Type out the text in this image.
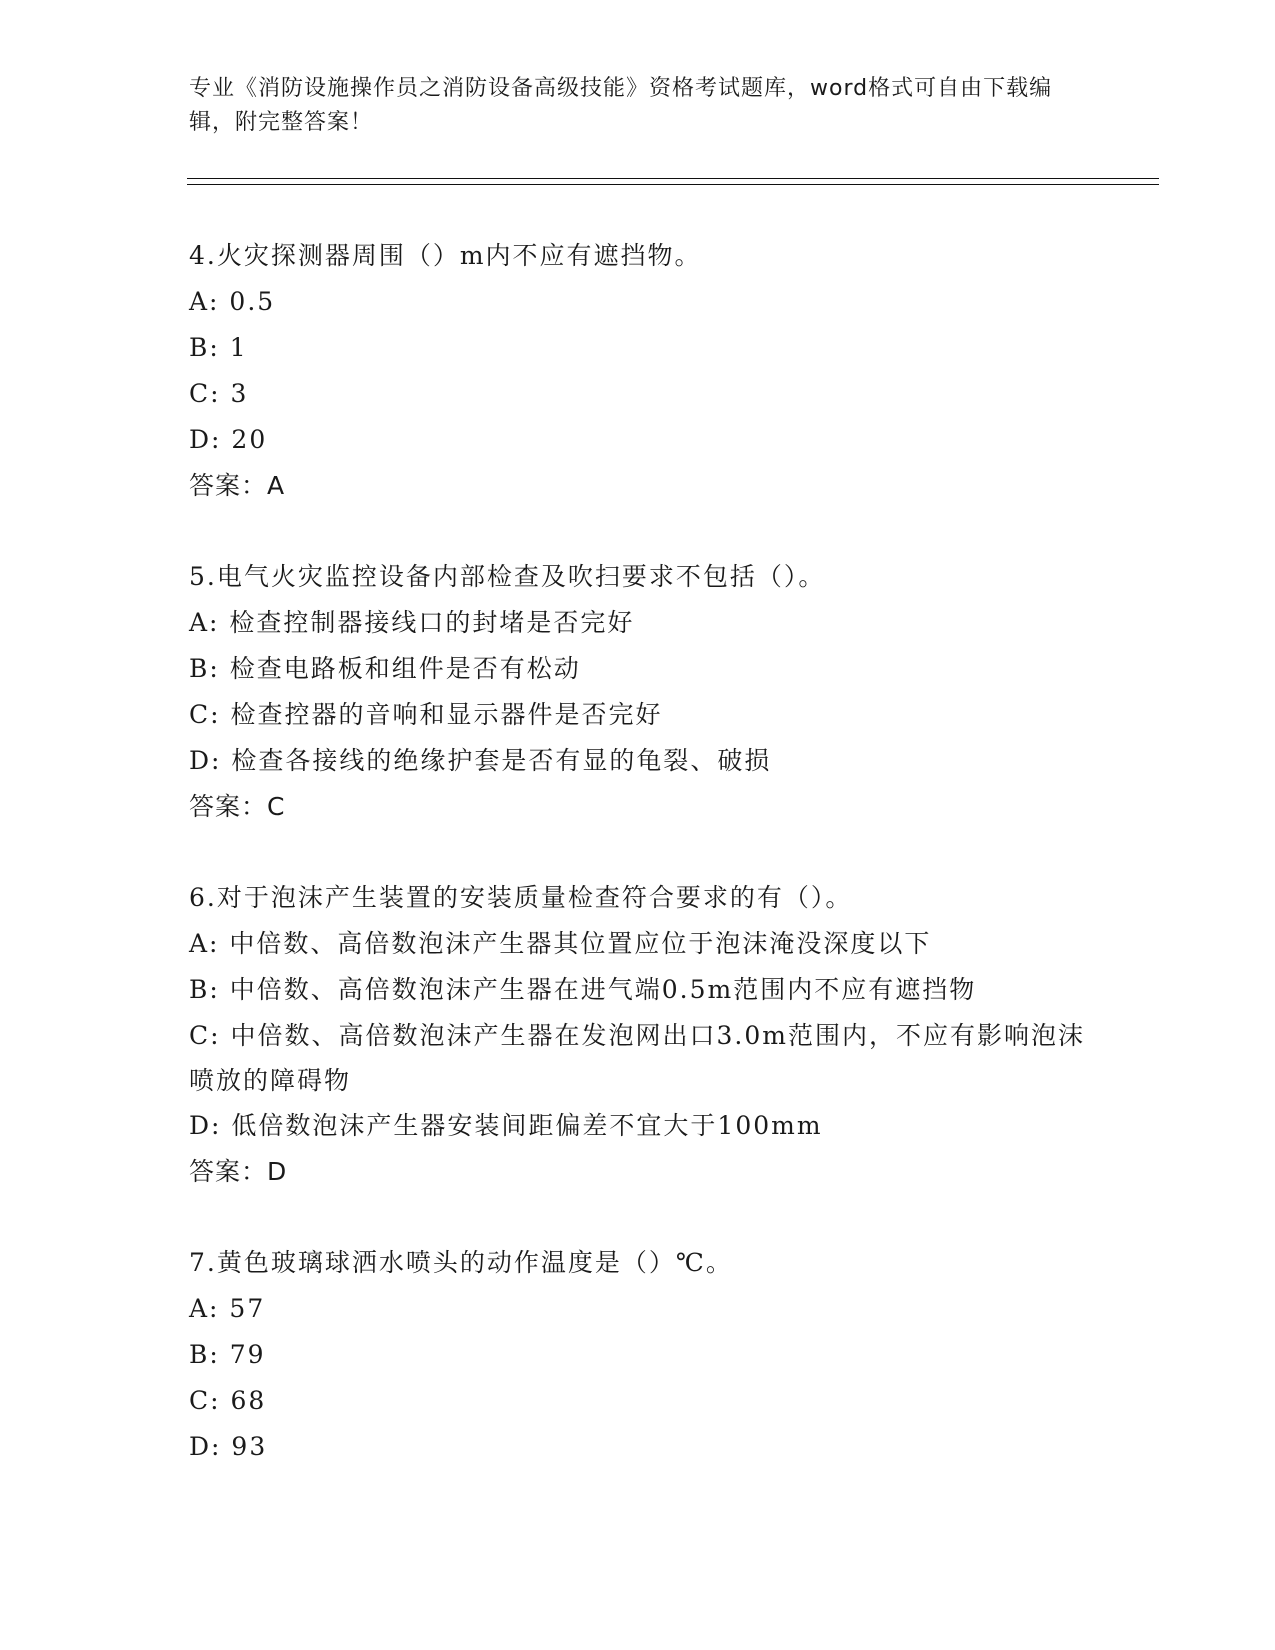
专业《消防设施操作员之消防设备高级技能》资格考试题库，word格式可自由下载编辑，附完整答案！
4.火灾探测器周围（）m内不应有遮挡物。
A: 0.5
B: 1
C: 3
D: 20
答案：A
5.电气火灾监控设备内部检查及吹扫要求不包括（）。
A: 检查控制器接线口的封堵是否完好
B: 检查电路板和组件是否有松动
C: 检查控器的音响和显示器件是否完好
D: 检查各接线的绝缘护套是否有显的龟裂、破损
答案：C
6.对于泡沫产生装置的安装质量检查符合要求的有（）。
A: 中倍数、高倍数泡沫产生器其位置应位于泡沫淹没深度以下
B: 中倍数、高倍数泡沫产生器在进气端0.5m范围内不应有遮挡物
C: 中倍数、高倍数泡沫产生器在发泡网出口3.0m范围内，不应有影响泡沫喷放的障碍物
D: 低倍数泡沫产生器安装间距偏差不宜大于100mm
答案：D
7.黄色玻璃球洒水喷头的动作温度是（）℃。
A: 57
B: 79
C: 68
D: 93
